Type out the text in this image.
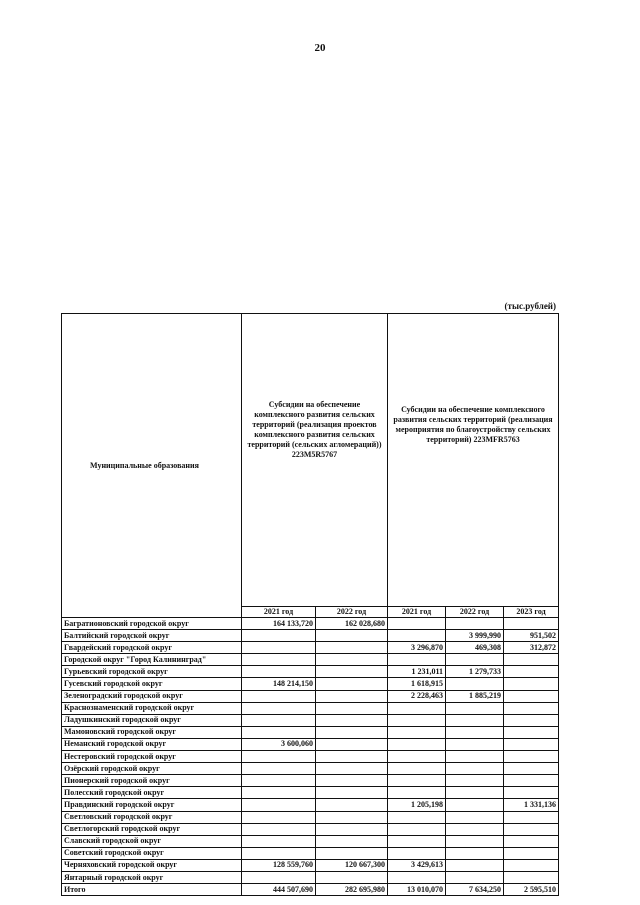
20
(тыс.рублей)
Муниципальные образования	Субсидии на обеспечение комплексного развития сельских территорий (реализация проектов комплексного развития сельских территорий (сельских агломераций)) 223M5R5767		Субсидии на обеспечение комплексного развития сельских территорий (реализация мероприятия по благоустройству сельских территорий) 223MFR5763		
	2021 год	2022 год	2021 год	2022 год	2023 год
Багратионовский городской округ	164 133,720	162 028,680			
Балтийский городской округ				3 999,990	951,502
Гвардейский городской округ			3 296,870	469,308	312,872
Городской округ "Город Калининград"					
Гурьевский городской округ			1 231,011	1 279,733	
Гусевский городской округ	148 214,150		1 618,915		
Зеленоградский городской округ			2 228,463	1 885,219	
Краснознаменский городской округ					
Ладушкинский городской округ					
Мамоновский городской округ					
Неманский городской округ	3 600,060				
Нестеровский городской округ					
Озёрский городской округ					
Пионерский городской округ					
Полесский городской округ					
Правдинский городской округ			1 205,198		1 331,136
Светловский городской округ					
Светлогорский городской округ					
Славский городской округ					
Советский городской округ					
Черняховский городской округ	128 559,760	120 667,300	3 429,613		
Янтарный городской округ					
Итого	444 507,690	282 695,980	13 010,070	7 634,250	2 595,510
